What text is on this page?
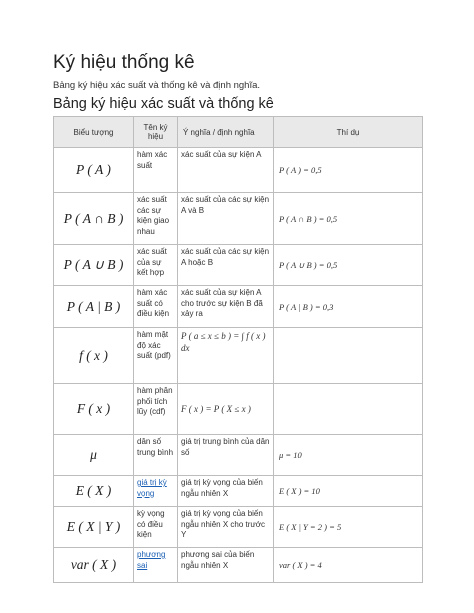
Ký hiệu thống kê
Bảng ký hiệu xác suất và thống kê và định nghĩa.
Bảng ký hiệu xác suất và thống kê
Biểu tượng	Tên ký hiệu	Ý nghĩa / định nghĩa	Thí dụ
P ( A )	hàm xác suất	xác suất của sự kiện A	P ( A ) = 0,5
P ( A ∩ B )	xác suất các sự kiện giao nhau	xác suất của các sự kiện A và B	P ( A ∩ B ) = 0,5
P ( A ∪ B )	xác suất của sự kết hợp	xác suất của các sự kiện A hoặc B	P ( A ∪ B ) = 0,5
P ( A | B )	hàm xác suất có điều kiện	xác suất của sự kiện A cho trước sự kiện B đã xảy ra	P ( A | B ) = 0,3
f ( x )	hàm mật độ xác suất (pdf)	P ( a ≤ x ≤ b ) = ∫ f ( x ) dx	
F ( x )	hàm phân phối tích lũy (cdf)	F ( x ) = P ( X ≤ x )	
μ	dân số trung bình	giá trị trung bình của dân số	μ = 10
E ( X )	giá trị kỳ vọng	giá trị kỳ vọng của biến ngẫu nhiên X	E ( X ) = 10
E ( X | Y )	kỳ vọng có điều kiện	giá trị kỳ vọng của biến ngẫu nhiên X cho trước Y	E ( X | Y = 2 ) = 5
var ( X )	phương sai	phương sai của biến ngẫu nhiên X	var ( X ) = 4
